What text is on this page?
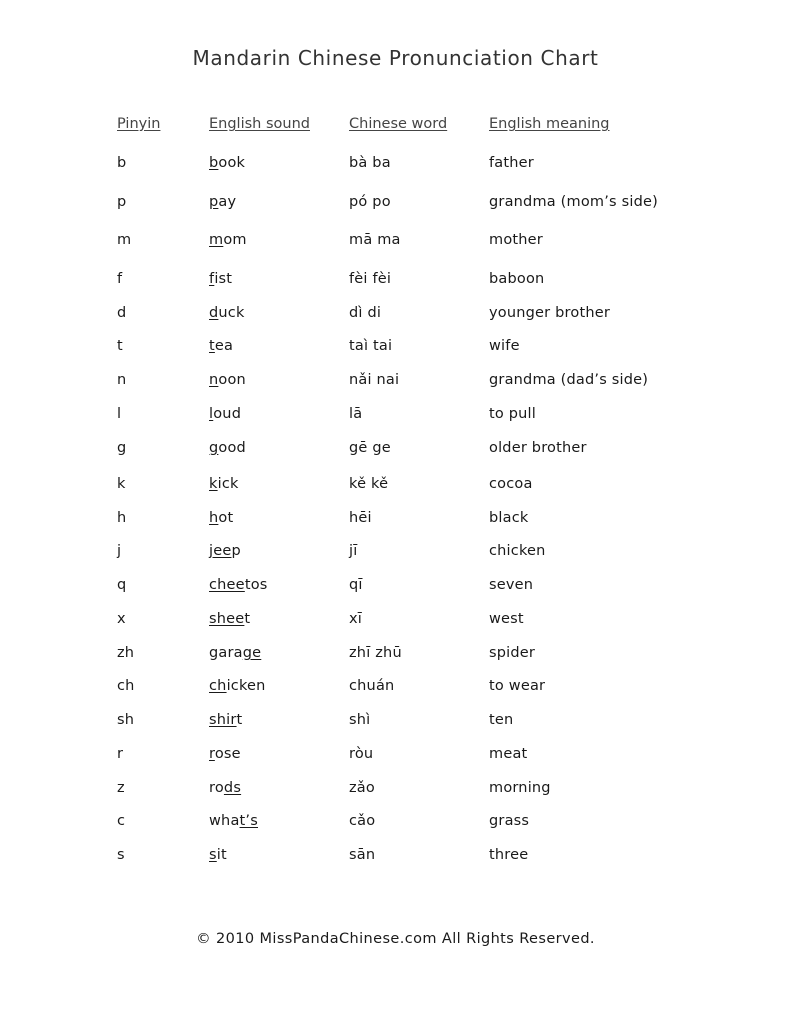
Mandarin Chinese Pronunciation Chart
Pinyin	English sound	Chinese word	English meaning
b	book	bà ba	father
p	pay	pó po	grandma (mom’s side)
m	mom	mā ma	mother
f	fist	fèi fèi	baboon
d	duck	dì di	younger brother
t	tea	taì tai	wife
n	noon	nǎi nai	grandma (dad’s side)
l	loud	lā	to pull
g	good	gē ge	older brother
k	kick	kě kě	cocoa
h	hot	hēi	black
j	jeep	jī	chicken
q	cheetos	qī	seven
x	sheet	xī	west
zh	garage	zhī zhū	spider
ch	chicken	chuán	to wear
sh	shirt	shì	ten
r	rose	ròu	meat
z	rods	zǎo	morning
c	what’s	cǎo	grass
s	sit	sān	three
© 2010 MissPandaChinese.com All Rights Reserved.
